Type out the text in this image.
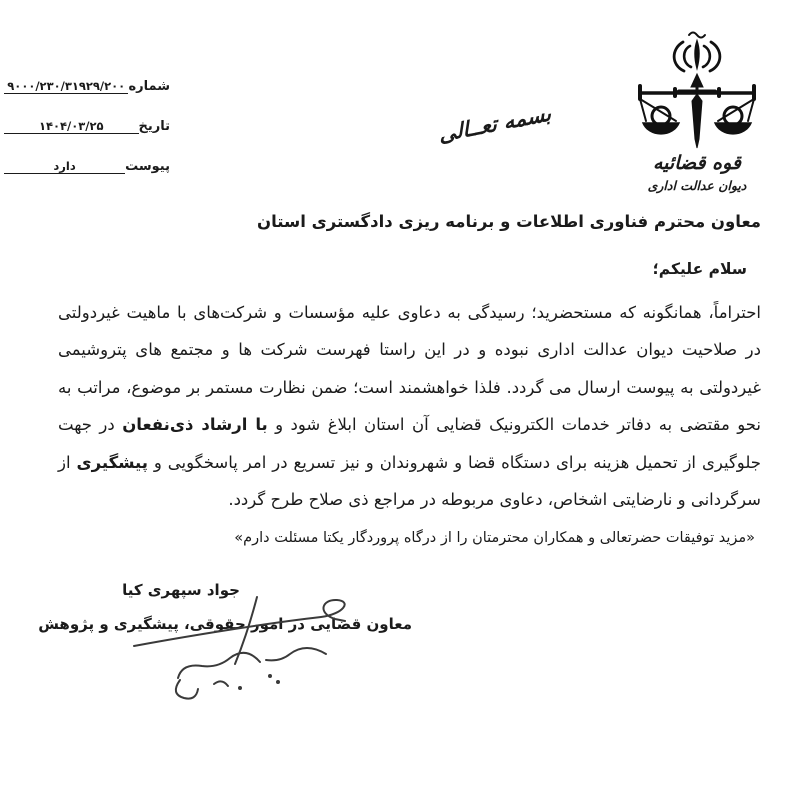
شماره
۹۰۰۰/۲۳۰/۳۱۹۲۹/۲۰۰
تاریخ
۱۴۰۴/۰۳/۲۵
پیوست
دارد	قوه قضائیه
دیوان عدالت اداری
بسمه تعــالی
معاون محترم فناوری اطلاعات و برنامه ریزی دادگستری استان
سلام علیکم؛

احتراماً، همانگونه که مستحضرید؛ رسیدگی به دعاوی علیه مؤسسات و شرکت‌های با ماهیت غیردولتی در صلاحیت دیوان عدالت اداری نبوده و در این راستا فهرست شرکت ها و مجتمع های پتروشیمی غیردولتی به پیوست ارسال می گردد. فلذا خواهشمند است؛ ضمن نظارت مستمر بر موضوع، مراتب به نحو مقتضی به دفاتر خدمات الکترونیک قضایی آن استان ابلاغ شود و با ارشاد ذی‌نفعان در جهت جلوگیری از تحمیل هزینه برای دستگاه قضا و شهروندان و نیز تسریع در امر پاسخگویی و پیشگیری از سرگردانی و نارضایتی اشخاص، دعاوی مربوطه در مراجع ذی صلاح طرح گردد.

«مزید توفیقات حضرتعالی و همکاران محترمتان را از درگاه پروردگار یکتا مسئلت دارم»
جواد سپهری کیا
معاون قضایی در امور حقوقی، پیشگیری و پژوهش
